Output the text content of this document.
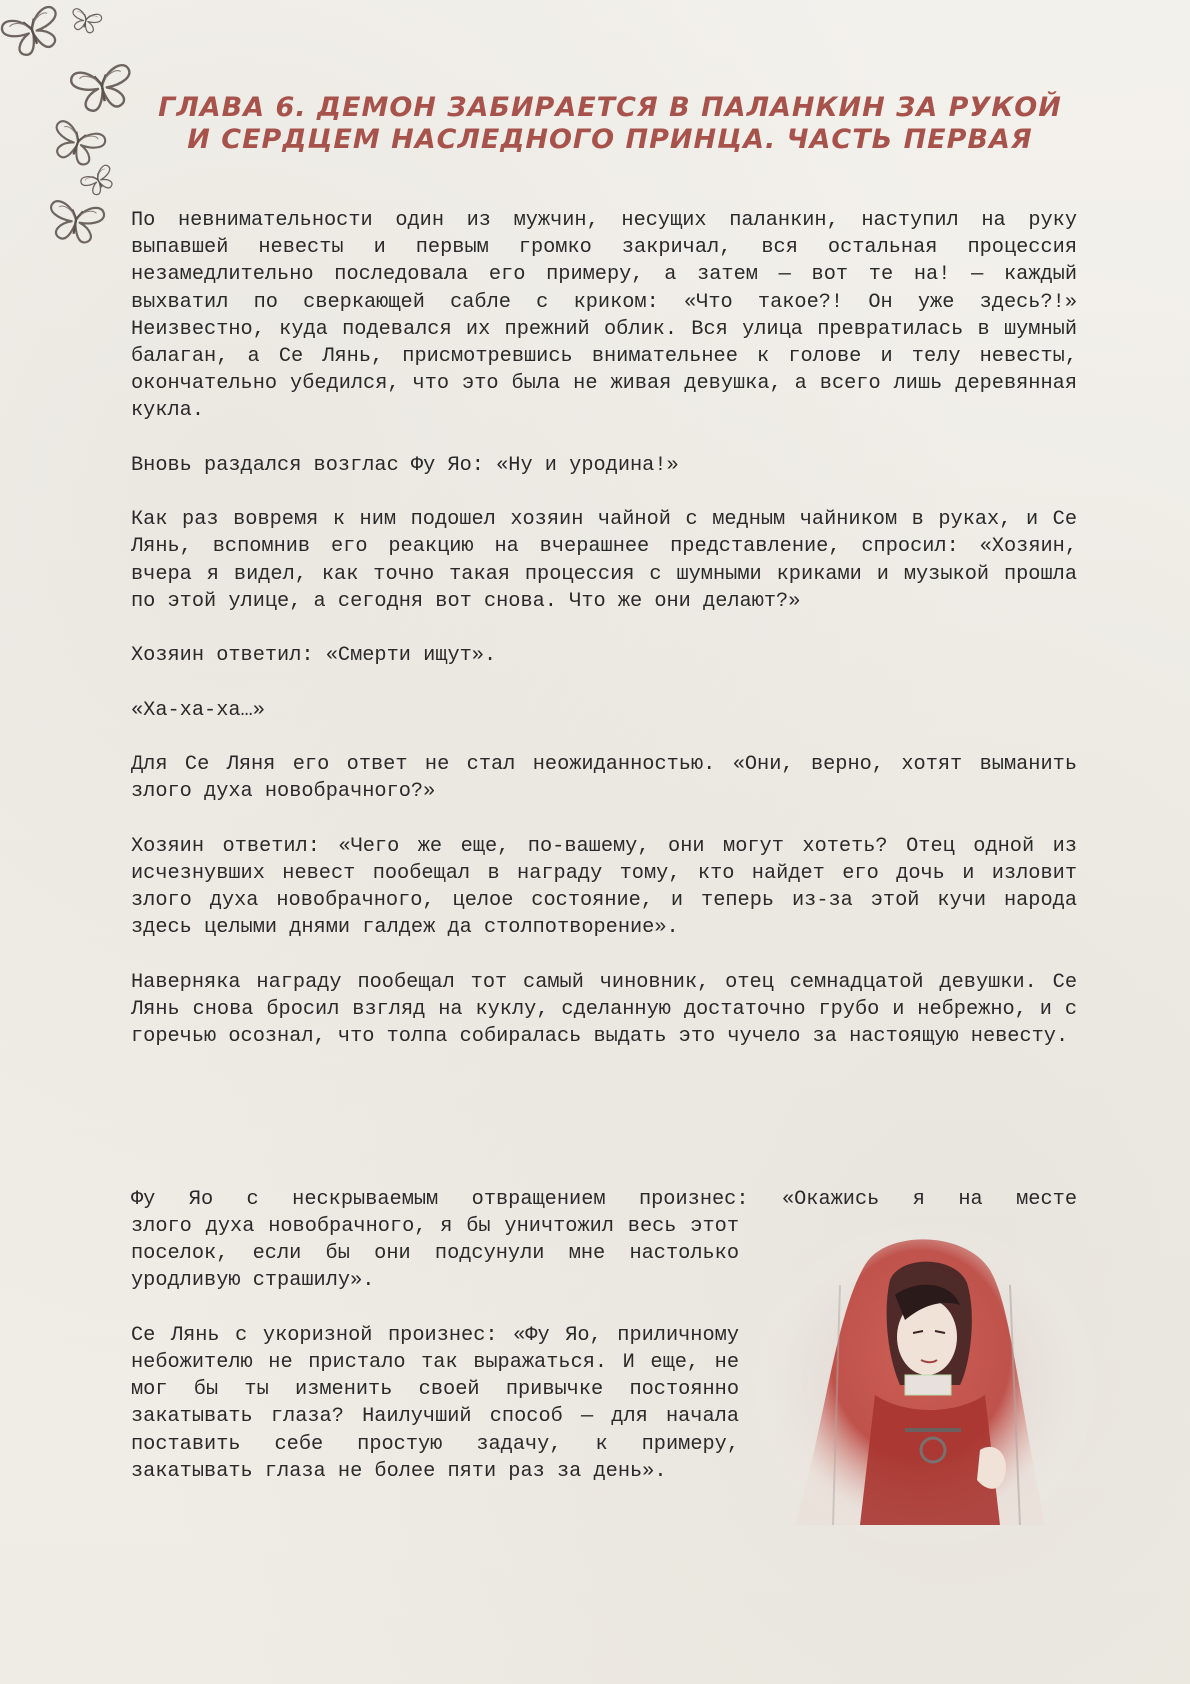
ГЛАВА 6. ДЕМОН ЗАБИРАЕТСЯ В ПАЛАНКИН ЗА РУКОЙ
И СЕРДЦЕМ НАСЛЕДНОГО ПРИНЦА. ЧАСТЬ ПЕРВАЯ

По невнимательности один из мужчин, несущих паланкин, наступил на руку выпавшей невесты и первым громко закричал, вся остальная процессия незамедлительно последовала его примеру, а затем — вот те на! — каждый выхватил по сверкающей сабле с криком: «Что такое?! Он уже здесь?!» Неизвестно, куда подевался их прежний облик. Вся улица превратилась в шумный балаган, а Се Лянь, присмотревшись внимательнее к голове и телу невесты, окончательно убедился, что это была не живая девушка, а всего лишь деревянная кукла.

Вновь раздался возглас Фу Яо: «Ну и уродина!»

Как раз вовремя к ним подошел хозяин чайной с медным чайником в руках, и Се Лянь, вспомнив его реакцию на вчерашнее представление, спросил: «Хозяин, вчера я видел, как точно такая процессия с шумными криками и музыкой прошла по этой улице, а сегодня вот снова. Что же они делают?»

Хозяин ответил: «Смерти ищут».

«Ха-ха-ха…»

Для Се Ляня его ответ не стал неожиданностью. «Они, верно, хотят выманить злого духа новобрачного?»

Хозяин ответил: «Чего же еще, по-вашему, они могут хотеть? Отец одной из исчезнувших невест пообещал в награду тому, кто найдет его дочь и изловит злого духа новобрачного, целое состояние, и теперь из-за этой кучи народа здесь целыми днями галдеж да столпотворение».

Наверняка награду пообещал тот самый чиновник, отец семнадцатой девушки. Се Лянь снова бросил взгляд на куклу, сделанную достаточно грубо и небрежно, и с горечью осознал, что толпа собиралась выдать это чучело за настоящую невесту.

Фу Яо с нескрываемым отвращением произнес: «Окажись я на месте

злого духа новобрачного, я бы уничтожил весь этот поселок, если бы они подсунули мне настолько уродливую страшилу».

Се Лянь с укоризной произнес: «Фу Яо, приличному небожителю не пристало так выражаться. И еще, не мог бы ты изменить своей привычке постоянно закатывать глаза? Наилучший способ — для начала поставить себе простую задачу, к примеру, закатывать глаза не более пяти раз за день».
